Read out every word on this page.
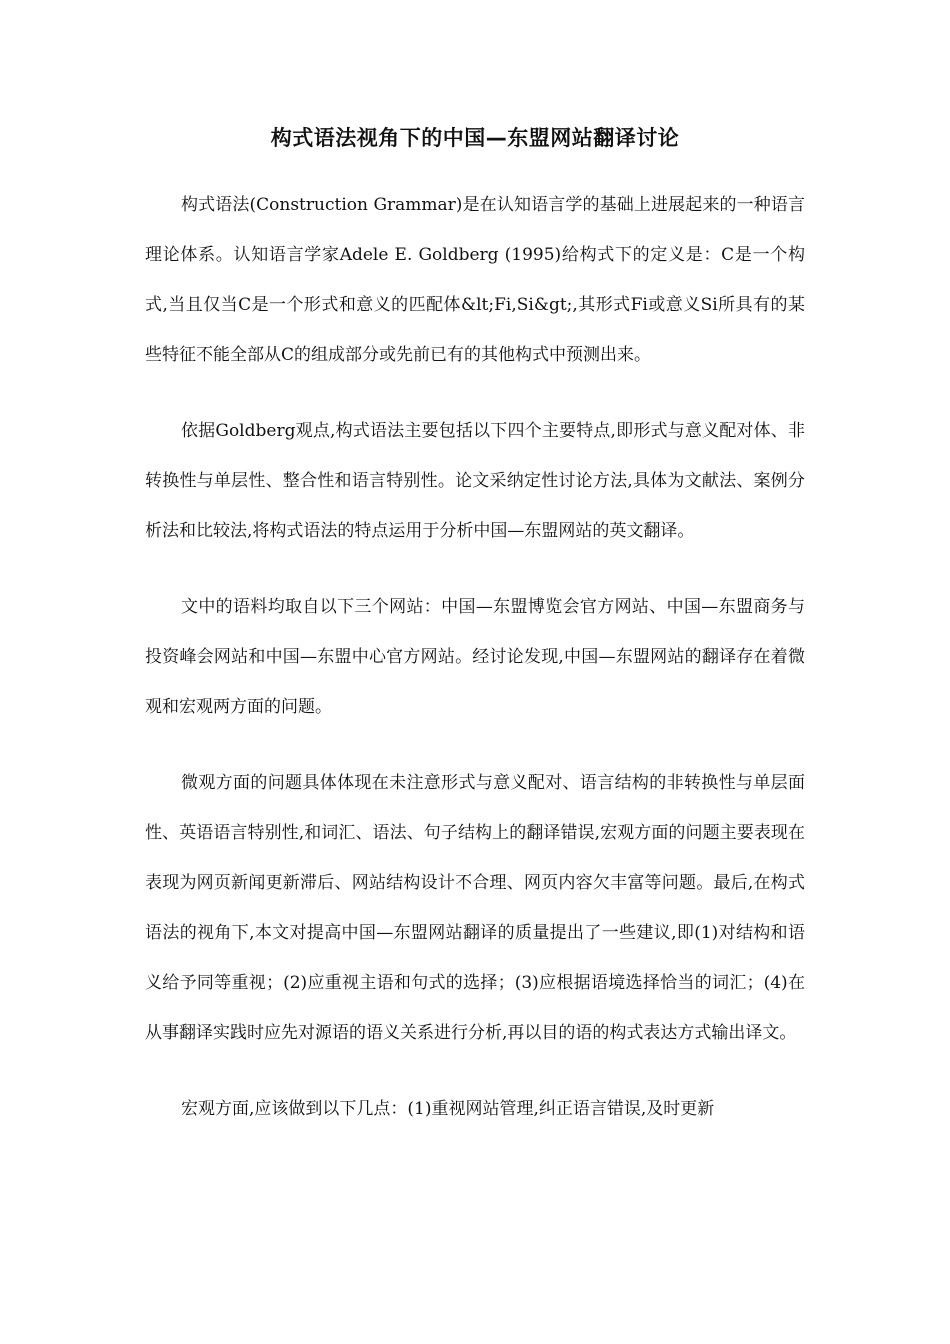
构式语法视角下的中国—东盟网站翻译讨论

构式语法(Construction Grammar)是在认知语言学的基础上进展起来的一种语言理论体系。认知语言学家Adele E. Goldberg (1995)给构式下的定义是：C是一个构式,当且仅当C是一个形式和意义的匹配体&lt;Fi,Si&gt;,其形式Fi或意义Si所具有的某些特征不能全部从C的组成部分或先前已有的其他构式中预测出来。

依据Goldberg观点,构式语法主要包括以下四个主要特点,即形式与意义配对体、非转换性与单层性、整合性和语言特别性。论文采纳定性讨论方法,具体为文献法、案例分析法和比较法,将构式语法的特点运用于分析中国—东盟网站的英文翻译。

文中的语料均取自以下三个网站：中国—东盟博览会官方网站、中国—东盟商务与投资峰会网站和中国—东盟中心官方网站。经讨论发现,中国—东盟网站的翻译存在着微观和宏观两方面的问题。

微观方面的问题具体体现在未注意形式与意义配对、语言结构的非转换性与单层面性、英语语言特别性,和词汇、语法、句子结构上的翻译错误,宏观方面的问题主要表现在表现为网页新闻更新滞后、网站结构设计不合理、网页内容欠丰富等问题。最后,在构式语法的视角下,本文对提高中国—东盟网站翻译的质量提出了一些建议,即(1)对结构和语义给予同等重视；(2)应重视主语和句式的选择；(3)应根据语境选择恰当的词汇；(4)在从事翻译实践时应先对源语的语义关系进行分析,再以目的语的构式表达方式输出译文。

宏观方面,应该做到以下几点：(1)重视网站管理,纠正语言错误,及时更新
